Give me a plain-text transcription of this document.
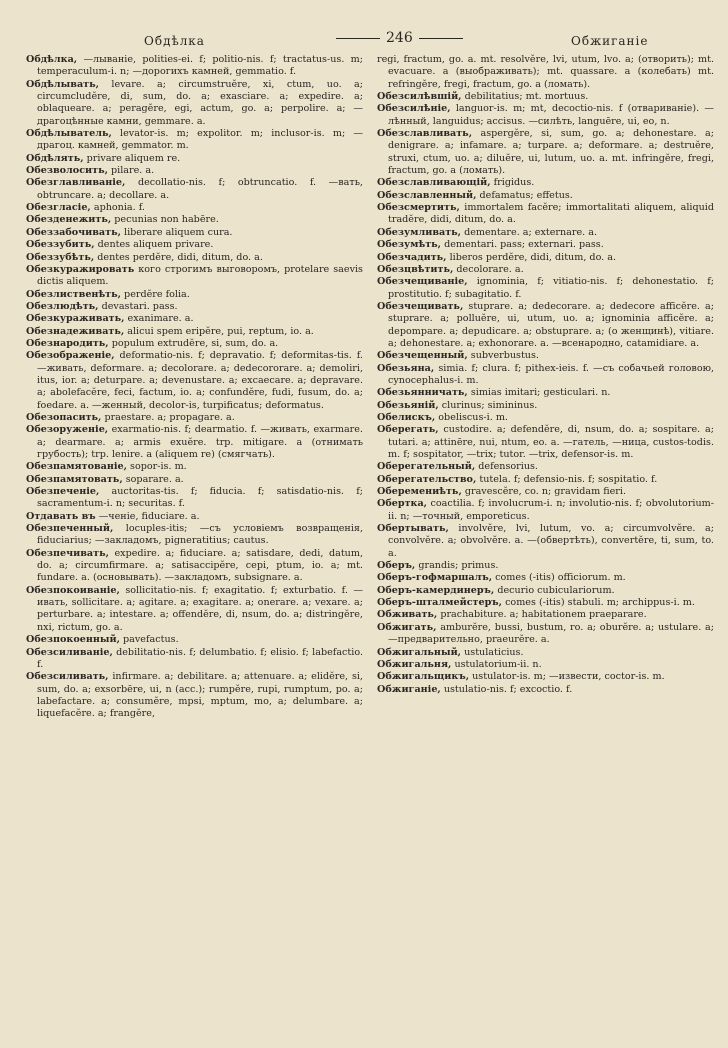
Обдѣлка	246	Обжиганіе

Обдѣлка, —лываніе, polities-ei. f; politio-nis. f; tractatus-us. m; temperaculum-i. n; —дорогихъ камней, gemmatio. f.

Обдѣлывать, levare. a; circumstruĕre, xi, ctum, uo. a; circumcludĕre, di, sum, do. a; exasciare. a; expedire. a; oblaqueare. a; peragĕre, egi, actum, go. a; perpolire. a; —драгоцѣнные камни, gemmare. a.

Обдѣлыватель, levator-is. m; expolitor. m; inclusor-is. m; —драгоц. камней, gemmator. m.

Обдѣлять, privare aliquem re.

Обезволосить, pilare. a.

Обезглавливаніе, decollatio-nis. f; obtruncatio. f. —вать, obtruncare. a; decollare. a.

Обезгласіе, aphonia. f.

Обезденежить, pecunias non habēre.

Обеззабочивать, liberare aliquem cura.

Обеззубить, dentes aliquem privare.

Обеззубѣть, dentes perdĕre, didi, ditum, do. a.

Обезкуражировать кого строгимъ выговоромъ, protelare saevis dictis aliquem.

Обезлиственѣть, perdĕre folia.

Обезлюдѣть, devastari. pass.

Обезкураживать, exanimare. a.

Обезнадеживать, alicui spem eripĕre, pui, reptum, io. a.

Обезнародить, populum extrudĕre, si, sum, do. a.

Обезображеніе, deformatio-nis. f; depravatio. f; deformitas-tis. f. —живать, deformare. a; decolorare. a; dedecororare. a; demoliri, itus, ior. a; deturpare. a; devenustare. a; excaecare. a; depravare. a; abolefacĕre, feci, factum, io. a; confundĕre, fudi, fusum, do. a; foedare. a. —женный, decolor-is, turpificatus; deformatus.

Обезопасить, praestare. a; propagare. a.

Обезоруженіе, exarmatio-nis. f; dearmatio. f. —живать, exarmare. a; dearmare. a; armis exuĕre. trp. mitigare. a (отнимать грубость); trp. lenire. a (aliquem re) (смягчать).

Обезпамятованіе, sopor-is. m.

Обезпамятовать, soparare. a.

Обезпеченіе, auctoritas-tis. f; fiducia. f; satisdatio-nis. f; sacramentum-i. n; securitas. f.

Отдавать въ —ченіе, fiduciare. a.

Обезпеченный, locuples-itis; —съ условіемъ возвращенія, fiduciarius; —закладомъ, pigneratitius; cautus.

Обезпечивать, expedire. a; fiduciare. a; satisdare, dedi, datum, do. a; circumfirmare. a; satisaccipĕre, cepi, ptum, io. a; mt. fundare. a. (основывать). —закладомъ, subsignare. a.

Обезпокоиваніе, sollicitatio-nis. f; exagitatio. f; exturbatio. f. —ивать, sollicitare. a; agitare. a; exagitare. a; onerare. a; vexare. a; perturbare. a; intestare. a; offendĕre, di, nsum, do. a; distringĕre, nxi, rictum, go. a.

Обезпокоенный, pavefactus.

Обезсиливаніе, debilitatio-nis. f; delumbatio. f; elisio. f; labefactio. f.

Обезсиливать, infirmare. a; debilitare. a; attenuare. a; elidĕre, si, sum, do. a; exsorbēre, ui, n (acc.); rumpĕre, rupi, rumptum, po. a; labefactare. a; consumĕre, mpsi, mptum, mo, a; delumbare. a; liquefacĕre. a; frangĕre,

regi, fractum, go. a. mt. resolvĕre, lvi, utum, lvo. a; (отворить); mt. evacuare. a (выображивать); mt. quassare. a (колебать) mt. refringĕre, fregi, fractum, go. a (ломать).

Обезсилѣвшій, debilitatius; mt. mortuus.

Обезсилѣніе, languor-is. m; mt, decoctio-nis. f (отвариваніе). —лѣнный, languidus; accisus. —силѣть, languēre, ui, eo, n.

Обезславливать, aspergĕre, si, sum, go. a; dehonestare. a; denigrare. a; infamare. a; turpare. a; deformare. a; destruĕre, struxi, ctum, uo. a; diluĕre, ui, lutum, uo. a. mt. infringĕre, fregi, fractum, go. a (ломать).

Обезславливающій, frigidus.

Обезславленный, defamatus; effetus.

Обезсмертить, immortalem facĕre; immortalitati aliquem, aliquid tradĕre, didi, ditum, do. a.

Обезумливать, dementare. a; externare. a.

Обезумѣть, dementari. pass; externari. pass.

Обезчадить, liberos perdĕre, didi, ditum, do. a.

Обезцвѣтить, decolorare. a.

Обезчещиваніе, ignominia, f; vitiatio-nis. f; dehonestatio. f; prostitutio. f; subagitatio. f.

Обезчещивать, stuprare. a; dedecorare. a; dedecore afficĕre. a; stuprare. a; polluĕre, ui, utum, uo. a; ignominia afficĕre. a; depompare. a; depudicare. a; obstuprare. a; (о женщинѣ), vitiare. a; dehonestare. a; exhonorare. a. —всенародно, catamidiare. a.

Обезчещенный, subverbustus.

Обезьяна, simia. f; clura. f; pithex-ieis. f. —съ собачьей головою, cynocephalus-i. m.

Обезьянничать, simias imitari; gesticulari. n.

Обезьяній, clurinus; simininus.

Обелискъ, obeliscus-i. m.

Оберегать, custodire. a; defendĕre, di, nsum, do. a; sospitare. a; tutari. a; attinēre, nui, ntum, eo. a. —гатель, —ница, custos-todis. m. f; sospitator, —trix; tutor. —trix, defensor-is. m.

Оберегательный, defensorius.

Оберегательство, tutela. f; defensio-nis. f; sospitatio. f.

Оберемениѣть, gravescĕre, co. n; gravidam fieri.

Обертка, coactilia. f; involucrum-i. n; involutio-nis. f; obvolutorium-ii. n; —точный, emporeticus.

Обертывать, involvĕre, lvi, lutum, vo. a; circumvolvĕre. a; convolvĕre. a; obvolvĕre. a. —(обвертѣть), convertĕre, ti, sum, to. a.

Оберъ, grandis; primus.

Оберъ-гофмаршалъ, comes (-itis) officiorum. m.

Оберъ-камердинеръ, decurio cubiculariorum.

Оберъ-шталмейстеръ, comes (-itis) stabuli. m; archippus-i. m.

Обживать, prachabiture. a; habitationem praeparare.

Обжигать, amburĕre, bussi, bustum, ro. a; oburĕre. a; ustulare. a; —предварительно, praeurĕre. a.

Обжигальный, ustulaticius.

Обжигальня, ustulatorium-ii. n.

Обжигальщикъ, ustulator-is. m; —извести, coctor-is. m.

Обжиганіе, ustulatio-nis. f; excoctio. f.
